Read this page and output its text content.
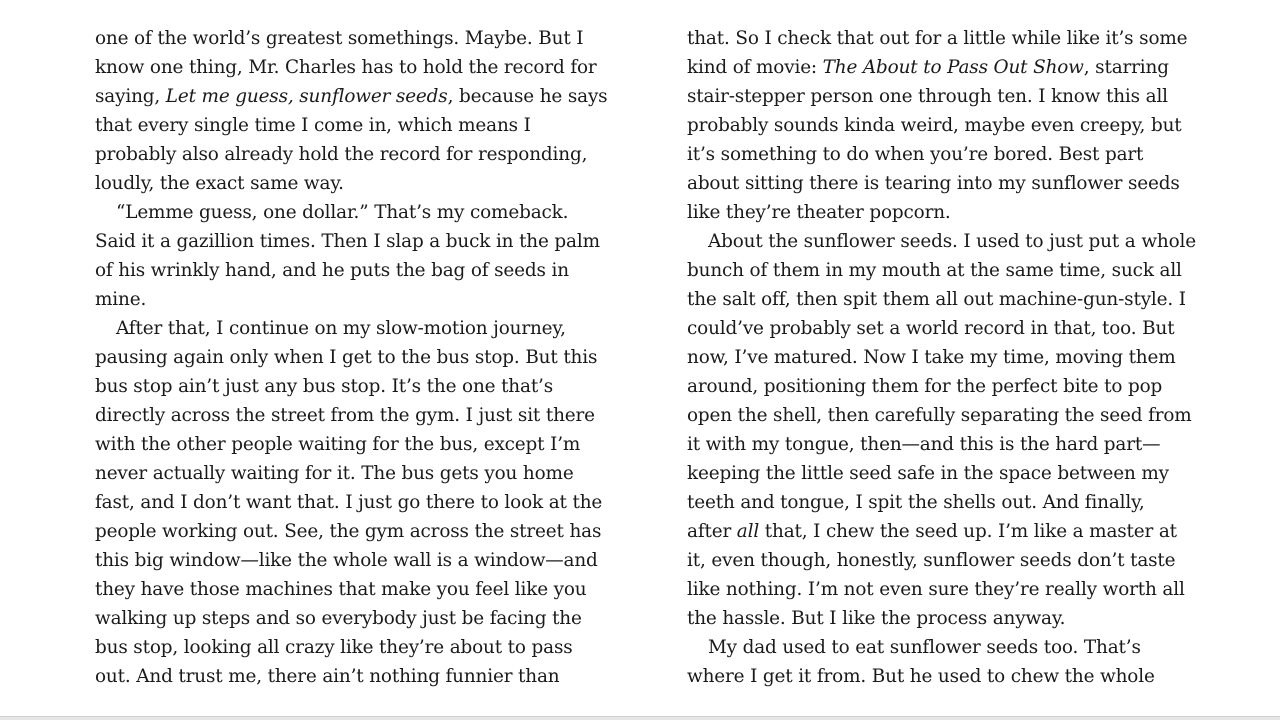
one of the world’s greatest somethings. Maybe. But I
know one thing, Mr. Charles has to hold the record for
saying, Let me guess, sunflower seeds, because he says
that every single time I come in, which means I
probably also already hold the record for responding,
loudly, the exact same way.
“Lemme guess, one dollar.” That’s my comeback.
Said it a gazillion times. Then I slap a buck in the palm
of his wrinkly hand, and he puts the bag of seeds in
mine.
After that, I continue on my slow-motion journey,
pausing again only when I get to the bus stop. But this
bus stop ain’t just any bus stop. It’s the one that’s
directly across the street from the gym. I just sit there
with the other people waiting for the bus, except I’m
never actually waiting for it. The bus gets you home
fast, and I don’t want that. I just go there to look at the
people working out. See, the gym across the street has
this big window—like the whole wall is a window—and
they have those machines that make you feel like you
walking up steps and so everybody just be facing the
bus stop, looking all crazy like they’re about to pass
out. And trust me, there ain’t nothing funnier than
that. So I check that out for a little while like it’s some
kind of movie: The About to Pass Out Show, starring
stair-stepper person one through ten. I know this all
probably sounds kinda weird, maybe even creepy, but
it’s something to do when you’re bored. Best part
about sitting there is tearing into my sunflower seeds
like they’re theater popcorn.
About the sunflower seeds. I used to just put a whole
bunch of them in my mouth at the same time, suck all
the salt off, then spit them all out machine-gun-style. I
could’ve probably set a world record in that, too. But
now, I’ve matured. Now I take my time, moving them
around, positioning them for the perfect bite to pop
open the shell, then carefully separating the seed from
it with my tongue, then—and this is the hard part—
keeping the little seed safe in the space between my
teeth and tongue, I spit the shells out. And finally,
after all that, I chew the seed up. I’m like a master at
it, even though, honestly, sunflower seeds don’t taste
like nothing. I’m not even sure they’re really worth all
the hassle. But I like the process anyway.
My dad used to eat sunflower seeds too. That’s
where I get it from. But he used to chew the whole
